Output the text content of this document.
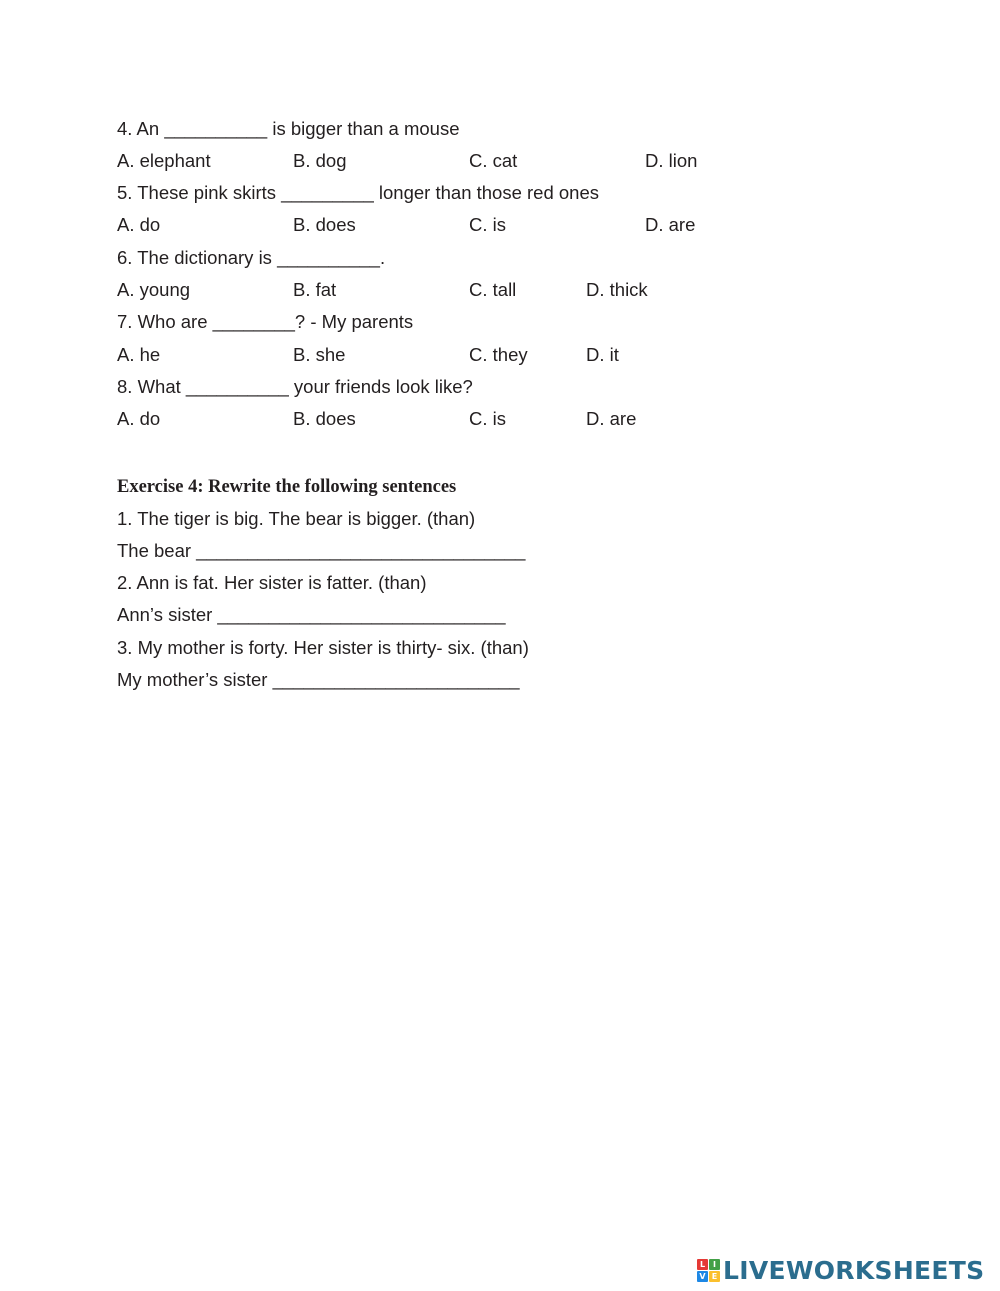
4. An __________ is bigger than a mouse
A. elephant	B. dog	C. cat	D. lion
5. These pink skirts _________ longer than those red ones
A. do	B. does	C. is	D. are
6. The dictionary is __________.
A. young	B. fat	C. tall	D. thick
7. Who are ________? - My parents
A. he	B. she	C. they	D. it
8. What __________ your friends look like?
A. do	B. does	C. is	D. are
Exercise 4: Rewrite the following sentences
1. The tiger is big. The bear is bigger. (than)
The bear ________________________________
2. Ann is fat. Her sister is fatter. (than)
Ann’s sister ____________________________
3. My mother is forty. Her sister is thirty- six. (than)
My mother’s sister ________________________
L I
V E LIVEWORKSHEETS
